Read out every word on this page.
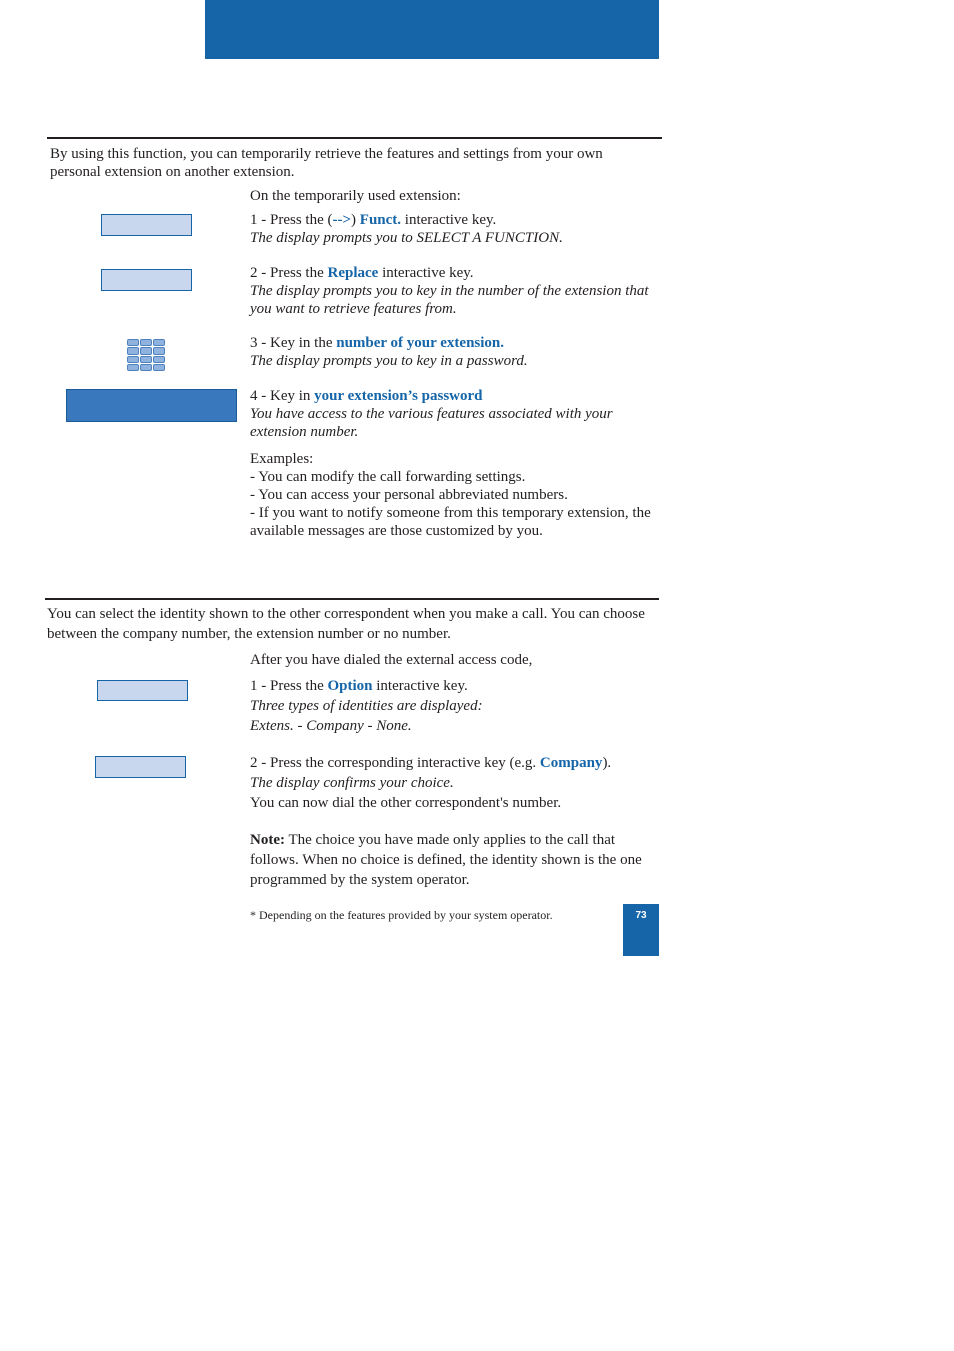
By using this function, you can temporarily retrieve the features and settings from your own personal extension on another extension.

On the temporarily used extension:

1 - Press the (-->) Funct. interactive key.

The display prompts you to SELECT A FUNCTION.

2 - Press the Replace interactive key.

The display prompts you to key in the number of the extension that you want to retrieve features from.

3 - Key in the number of your extension.

The display prompts you to key in a password.

4 - Key in your extension’s password

You have access to the various features associated with your extension number.

Examples:

- You can modify the call forwarding settings.

- You can access your personal abbreviated numbers.

- If you want to notify someone from this temporary extension, the available messages are those customized by you.

You can select the identity shown to the other correspondent when you make a call. You can choose between the company number, the extension number or no number.

After you have dialed the external access code,

1 - Press the Option interactive key.

Three types of identities are displayed:

Extens. - Company - None.

2 - Press the corresponding interactive key (e.g. Company).

The display confirms your choice.

You can now dial the other correspondent's number.

Note: The choice you have made only applies to the call that follows. When no choice is defined, the identity shown is the one programmed by the system operator.

* Depending on the features provided by your system operator.	73
